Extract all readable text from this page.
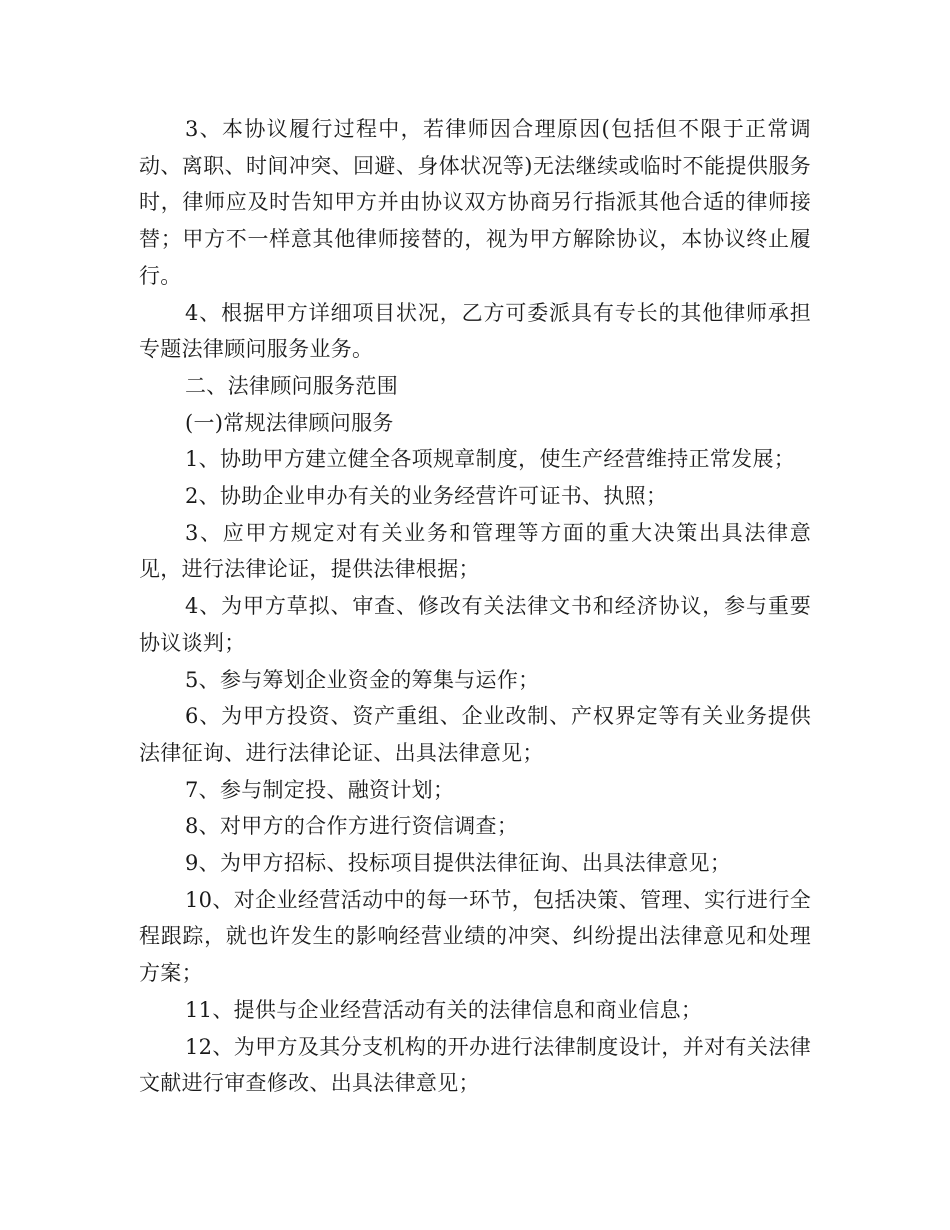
3、本协议履行过程中，若律师因合理原因(包括但不限于正常调动、离职、时间冲突、回避、身体状况等)无法继续或临时不能提供服务时，律师应及时告知甲方并由协议双方协商另行指派其他合适的律师接替；甲方不一样意其他律师接替的，视为甲方解除协议，本协议终止履行。

4、根据甲方详细项目状况，乙方可委派具有专长的其他律师承担专题法律顾问服务业务。

二、法律顾问服务范围

(一)常规法律顾问服务

1、协助甲方建立健全各项规章制度，使生产经营维持正常发展；

2、协助企业申办有关的业务经营许可证书、执照；

3、应甲方规定对有关业务和管理等方面的重大决策出具法律意见，进行法律论证，提供法律根据；

4、为甲方草拟、审查、修改有关法律文书和经济协议，参与重要协议谈判；

5、参与筹划企业资金的筹集与运作；

6、为甲方投资、资产重组、企业改制、产权界定等有关业务提供法律征询、进行法律论证、出具法律意见；

7、参与制定投、融资计划；

8、对甲方的合作方进行资信调查；

9、为甲方招标、投标项目提供法律征询、出具法律意见；

10、对企业经营活动中的每一环节，包括决策、管理、实行进行全程跟踪，就也许发生的影响经营业绩的冲突、纠纷提出法律意见和处理方案；

11、提供与企业经营活动有关的法律信息和商业信息；

12、为甲方及其分支机构的开办进行法律制度设计，并对有关法律文献进行审查修改、出具法律意见；
